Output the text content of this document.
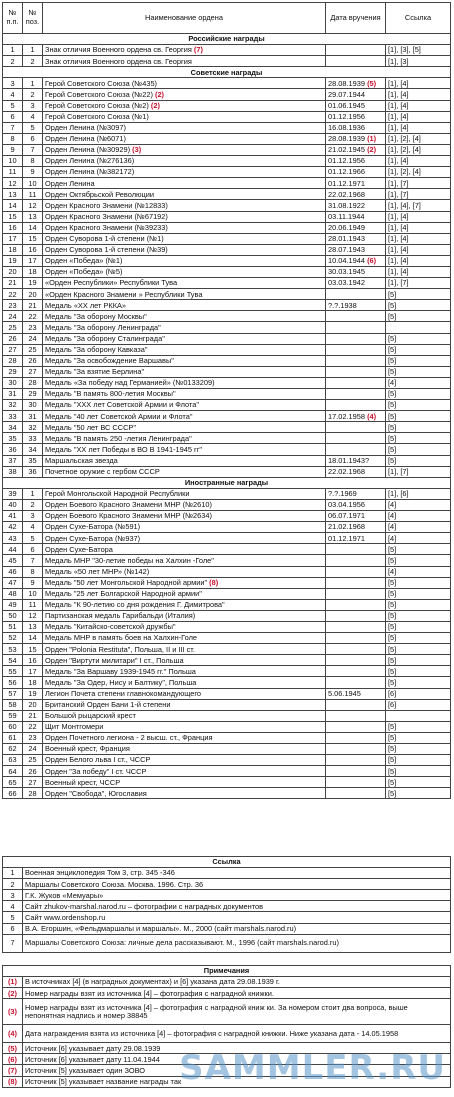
№ п.п.	№ поз.	Наименование ордена	Дата вручения	Ссылка
Российские награды				
1	1	Знак отличия Военного ордена св. Георгия (7)		[1], [3], [5]
2	2	Знак отличия Военного ордена св. Георгия		[1], [3]
Советские награды				
3	1	Герой Советского Союза (№435)	28.08.1939 (5)	[1], [4]
4	2	Герой Советского Союза (№22) (2)	29.07.1944	[1], [4]
5	3	Герой Советского Союза (№2) (2)	01.06.1945	[1], [4]
6	4	Герой Советского Союза (№1)	01.12.1956	[1], [4]
7	5	Орден Ленина (№3097)	16.08.1936	[1], [4]
8	6	Орден Ленина (№6071)	28.08.1939 (1)	[1], [2], [4]
9	7	Орден Ленина (№30929) (3)	21.02.1945 (2)	[1], [2], [4]
10	8	Орден Ленина (№276136)	01.12.1956	[1], [4]
11	9	Орден Ленина (№382172)	01.12.1966	[1], [2], [4]
12	10	Орден Ленина	01.12.1971	[1], [7]
13	11	Орден Октябрьской Революции	22.02.1968	[1], [7]
14	12	Орден Красного Знамени (№12833)	31.08.1922	[1], [4], [7]
15	13	Орден Красного Знамени (№67192)	03.11.1944	[1], [4]
16	14	Орден Красного Знамени (№39233)	20.06.1949	[1], [4]
17	15	Орден Суворова 1-й степени (№1)	28.01.1943	[1], [4]
18	16	Орден Суворова 1-й степени (№39)	28.07.1943	[1], [4]
19	17	Орден «Победа» (№1)	10.04.1944 (6)	[1], [4]
20	18	Орден «Победа» (№5)	30.03.1945	[1], [4]
21	19	«Орден Республики» Республики Тува	03.03.1942	[1], [7]
22	20	«Орден Красного Знамени » Республики Тува		[5]
23	21	Медаль «XX лет РККА»	?.?.1938	[5]
24	22	Медаль "За оборону Москвы"		[5]
25	23	Медаль "За оборону Ленинграда"		
26	24	Медаль "За оборону Сталинграда"		[5]
27	25	Медаль "За оборону Кавказа"		[5]
28	26	Медаль "За освобождение Варшавы"		[5]
29	27	Медаль "За взятие Берлина"		[5]
30	28	Медаль «За победу над Германией» (№0133209)		[4]
31	29	Медаль "В память 800-летия Москвы"		[5]
32	30	Медаль "XXX лет Советской Армии и Флота"		[5]
33	31	Медаль "40 лет Советской Армии и Флота"	17.02.1958 (4)	[5]
34	32	Медаль "50 лет ВС СССР"		[5]
35	33	Медаль "В память 250 -летия Ленинграда"		[5]
36	34	Медаль "XX лет Победы в ВО В 1941-1945 гг"		[5]
37	35	Маршальская звезда	18.01.1943?	[5]
38	36	Почетное оружие с гербом СССР	22.02.1968	[1], [7]
Иностранные награды				
39	1	Герой Монгольской Народной Республики	?.?.1969	[1], [6]
40	2	Орден Боевого Красного Знамени МНР (№2610)	03.04.1956	[4]
41	3	Орден Боевого Красного Знамени МНР (№2634)	06.07.1971	[4]
42	4	Орден Сухе-Батора (№591)	21.02.1968	[4]
43	5	Орден Сухе-Батора (№937)	01.12.1971	[4]
44	6	Орден Сухе-Батора		[5]
45	7	Медаль МНР "30-летие победы на Халхин -Голе"		[5]
46	8	Медаль «50 лет МНР» (№142)		[4]
47	9	Медаль "50 лет Монгольской Народной армии" (8)		[5]
48	10	Медаль "25 лет Болгарской Народной армии"		[5]
49	11	Медаль "К 90-летию со дня рождения Г. Димитрова"		[5]
50	12	Партизанская медаль Гарибальди (Италия)		[5]
51	13	Медаль "Китайско-советской дружбы"		[5]
52	14	Медаль МНР в память боев на Халхин-Голе		[5]
53	15	Орден "Polonia Restituta", Польша, II и III ст.		[5]
54	16	Орден "Виртути милитари" I ст., Польша		[5]
55	17	Медаль "За Варшаву 1939-1945 гг." Польша		[5]
56	18	Медаль "За Одер, Нису и Балтику", Польша		[5]
57	19	Легион Почета степени главнокомандующего	5.06.1945	[6]
58	20	Британский Орден Бани 1-й степени		[6]
59	21	Большой рыцарский крест		
60	22	Щит Монтгомери		[5]
61	23	Орден Почетного легиона - 2 высш. ст., Франция		[5]
62	24	Военный крест, Франция		[5]
63	25	Орден Белого льва I ст., ЧССР		[5]
64	26	Орден "За победу" I ст. ЧССР		[5]
65	27	Военный крест, ЧССР		[5]
66	28	Орден "Свобода", Югославия		[5]
Ссылка	
1	Военная энциклопедия Том 3, стр. 345 -346
2	Маршалы Советского Союза. Москва. 1996. Стр. 36
3	Г.К. Жуков «Мемуары»
4	Сайт zhukov-marshal.narod.ru – фотографии с наградных документов
5	Сайт www.ordenshop.ru
6	В.А. Егоршин, «Фельдмаршалы и маршалы». М., 2000 (сайт marshals.narod.ru)
7	Маршалы Советского Союза: личные дела рассказывают. М., 1996 (сайт marshals.narod.ru)
Примечания	
(1)	В источниках [4] (в наградных документах) и [6] указана дата 29.08.1939 г.
(2)	Номер награды взят из источника [4] – фотография с наградной книжки.
(3)	Номер награды взят из источника [4] – фотография с наградной книж ки. За номером стоит два вопроса, выше непонятная надпись и номер 38845
(4)	Дата награждения взята из источника [4] – фотография с наградной книжки. Ниже указана дата - 14.05.1958
(5)	Источник [6] указывает дату 29.08.1939
(6)	Источник [6] указывает дату 11.04.1944
(7)	Источник [5] указывает один ЗОВО
(8)	Источник [5] указывает название награды так
SAMMLER.RU
